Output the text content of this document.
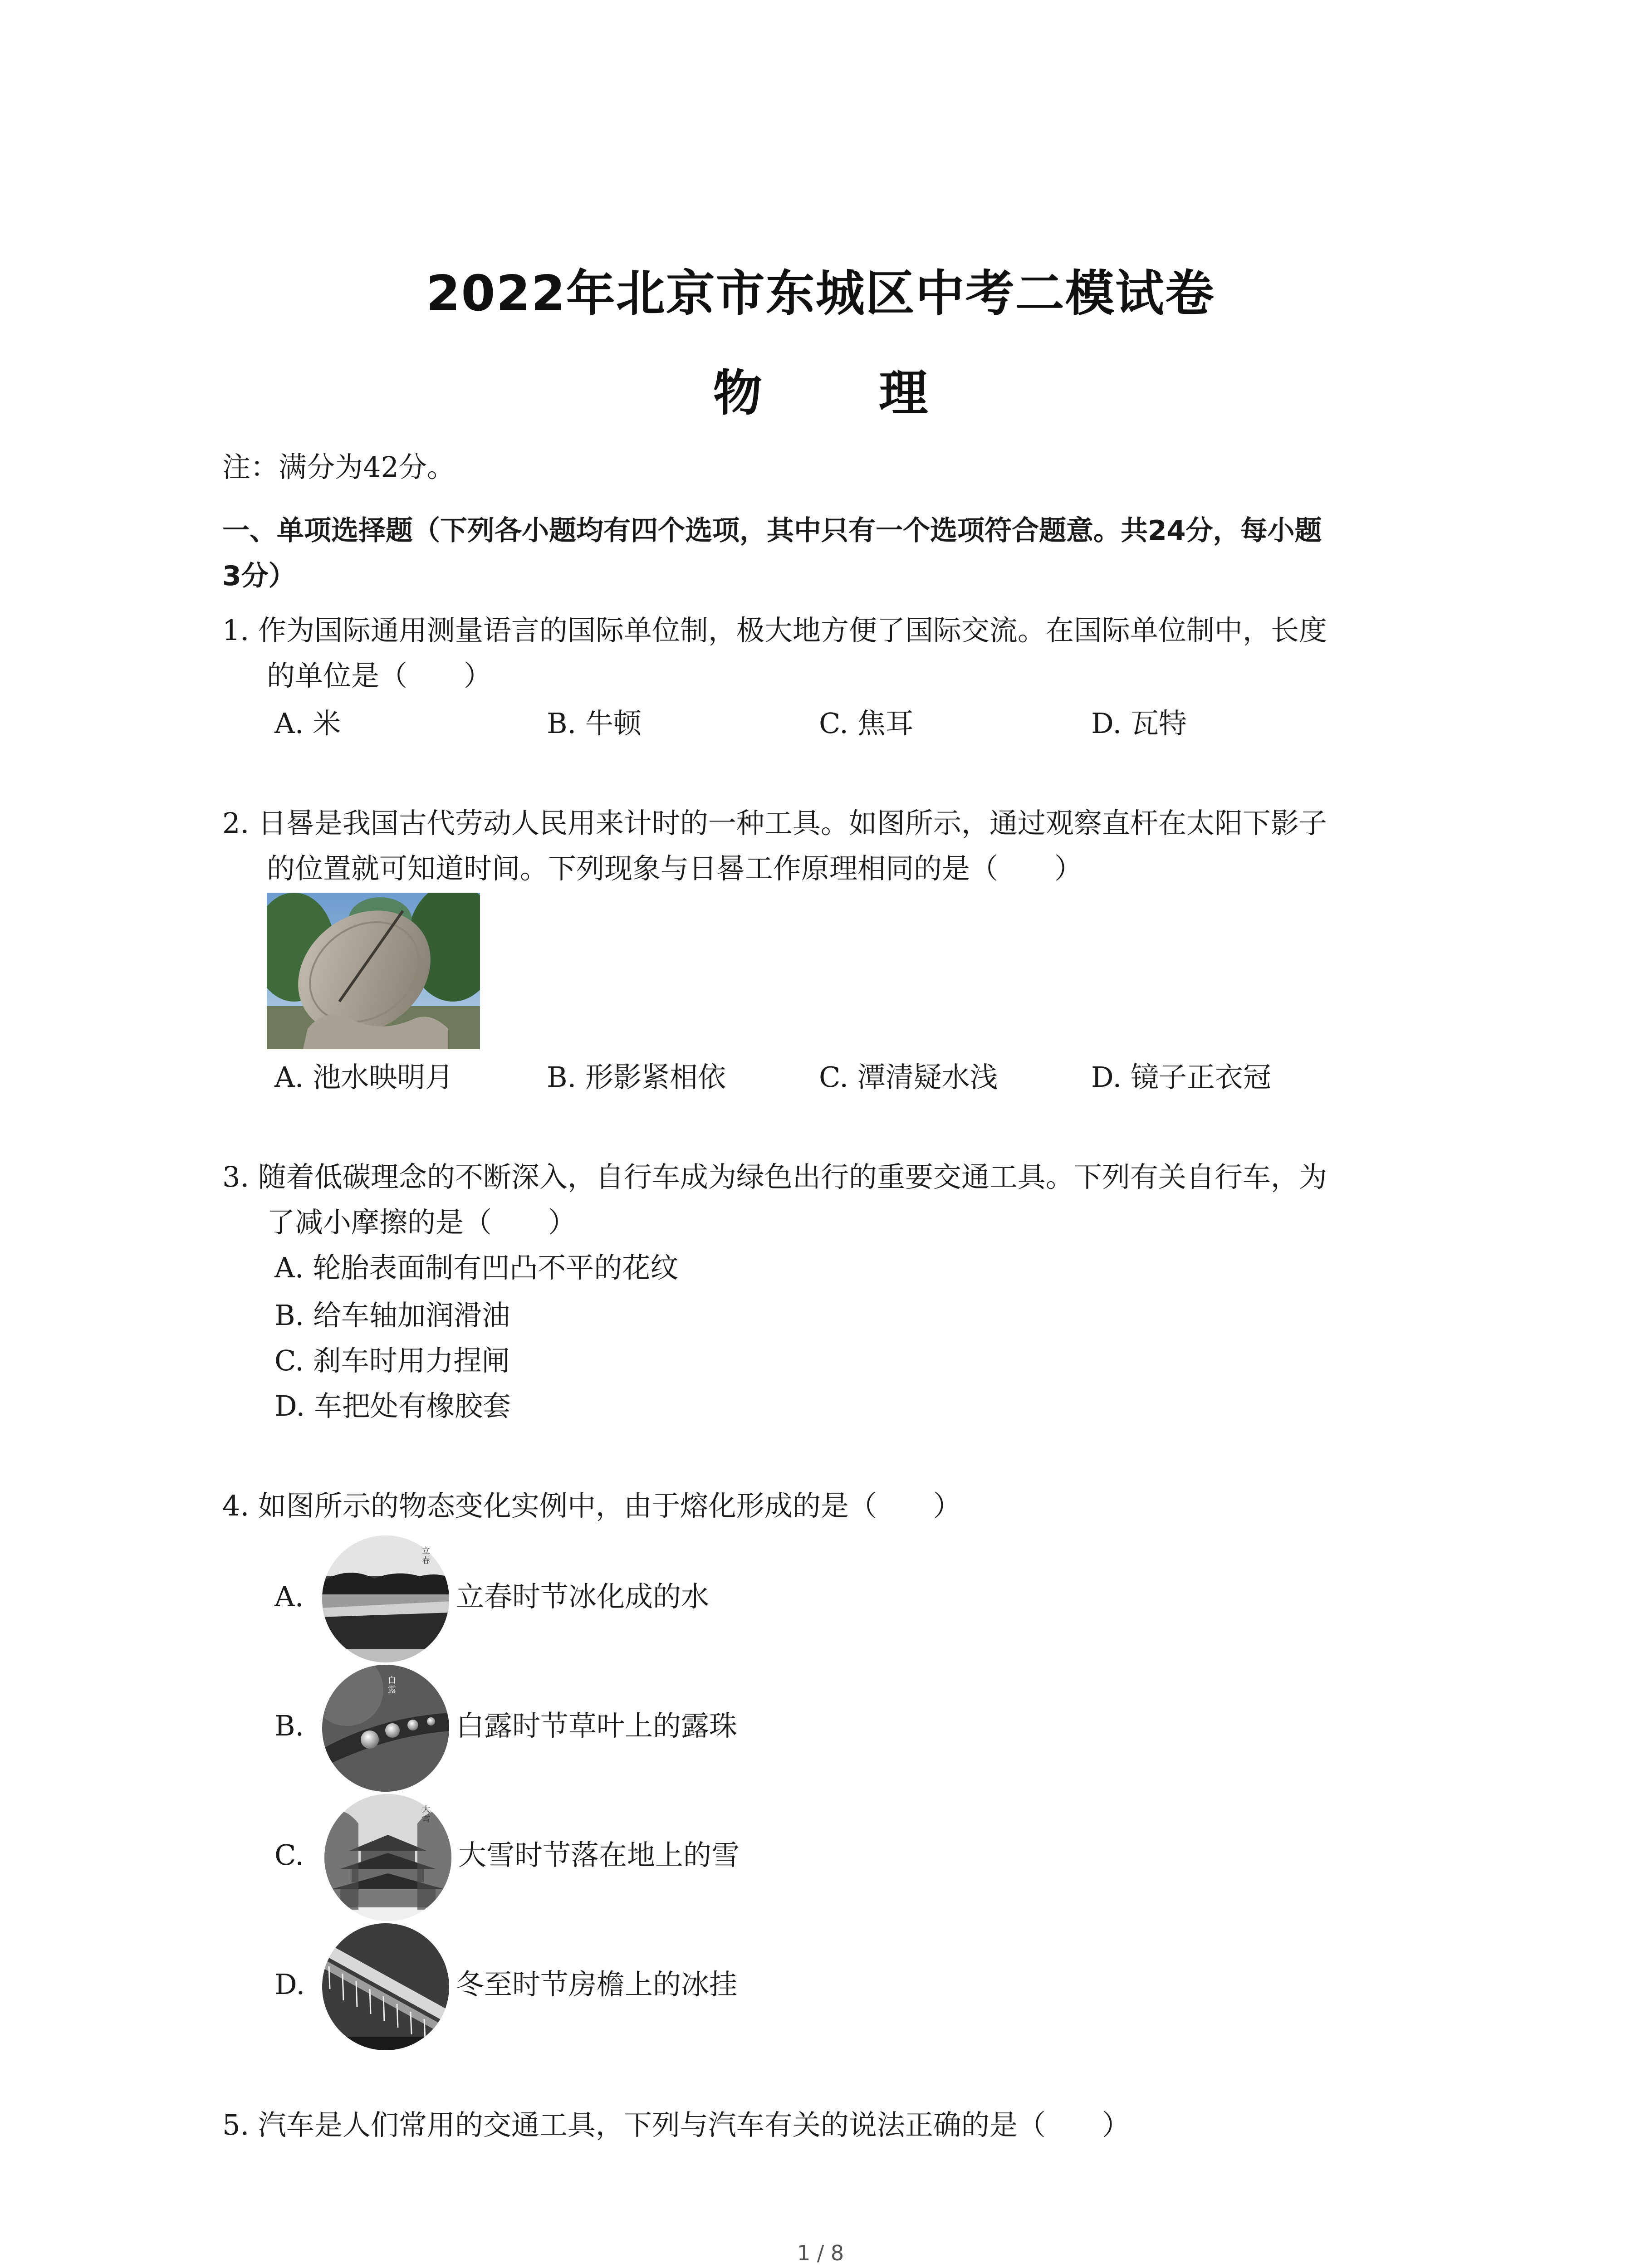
2022年北京市东城区中考二模试卷
物 理
注：满分为42分。
一、单项选择题（下列各小题均有四个选项，其中只有一个选项符合题意。共24分，每小题
3分）
1. 作为国际通用测量语言的国际单位制，极大地方便了国际交流。在国际单位制中，长度
的单位是（　　）
A. 米	B. 牛顿	C. 焦耳	D. 瓦特
2. 日晷是我国古代劳动人民用来计时的一种工具。如图所示，通过观察直杆在太阳下影子
的位置就可知道时间。下列现象与日晷工作原理相同的是（　　）
A. 池水映明月	B. 形影紧相依	C. 潭清疑水浅	D. 镜子正衣冠
3. 随着低碳理念的不断深入，自行车成为绿色出行的重要交通工具。下列有关自行车，为
了减小摩擦的是（　　）
A. 轮胎表面制有凹凸不平的花纹
B. 给车轴加润滑油
C. 刹车时用力捏闸
D. 车把处有橡胶套
4. 如图所示的物态变化实例中，由于熔化形成的是（　　）
A.
立
春
立春时节冰化成的水
B.
白
露
白露时节草叶上的露珠
C.
大
雪
大雪时节落在地上的雪
D.	冬至时节房檐上的冰挂
5. 汽车是人们常用的交通工具，下列与汽车有关的说法正确的是（　　）
1 / 8
